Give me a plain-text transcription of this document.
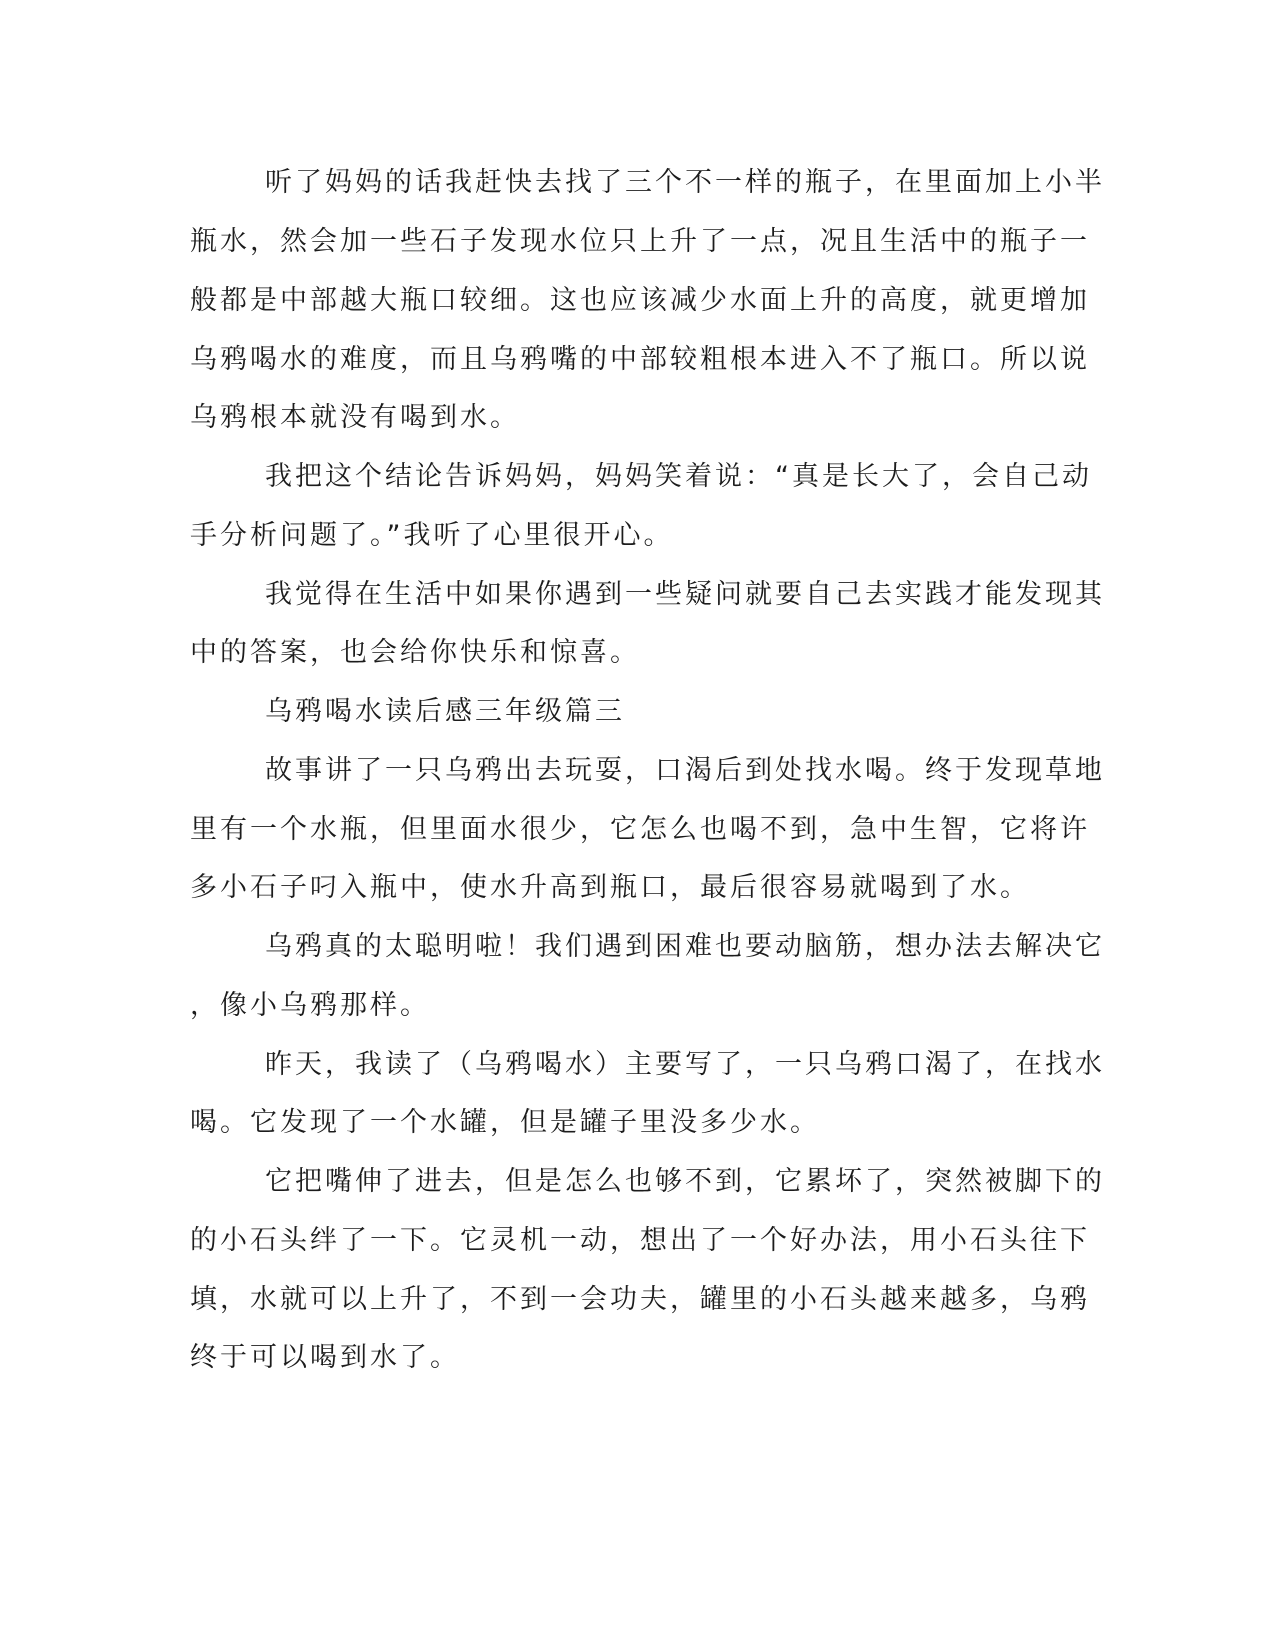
听了妈妈的话我赶快去找了三个不一样的瓶子，在里面加上小半
瓶水，然会加一些石子发现水位只上升了一点，况且生活中的瓶子一
般都是中部越大瓶口较细。这也应该减少水面上升的高度，就更增加
乌鸦喝水的难度，而且乌鸦嘴的中部较粗根本进入不了瓶口。所以说
乌鸦根本就没有喝到水。
我把这个结论告诉妈妈，妈妈笑着说：“真是长大了，会自己动
手分析问题了。”我听了心里很开心。
我觉得在生活中如果你遇到一些疑问就要自己去实践才能发现其
中的答案，也会给你快乐和惊喜。
乌鸦喝水读后感三年级篇三
故事讲了一只乌鸦出去玩耍，口渴后到处找水喝。终于发现草地
里有一个水瓶，但里面水很少，它怎么也喝不到，急中生智，它将许
多小石子叼入瓶中，使水升高到瓶口，最后很容易就喝到了水。
乌鸦真的太聪明啦！我们遇到困难也要动脑筋，想办法去解决它
，像小乌鸦那样。
昨天，我读了（乌鸦喝水）主要写了，一只乌鸦口渴了，在找水
喝。它发现了一个水罐，但是罐子里没多少水。
它把嘴伸了进去，但是怎么也够不到，它累坏了，突然被脚下的
的小石头绊了一下。它灵机一动，想出了一个好办法，用小石头往下
填，水就可以上升了，不到一会功夫，罐里的小石头越来越多，乌鸦
终于可以喝到水了。
